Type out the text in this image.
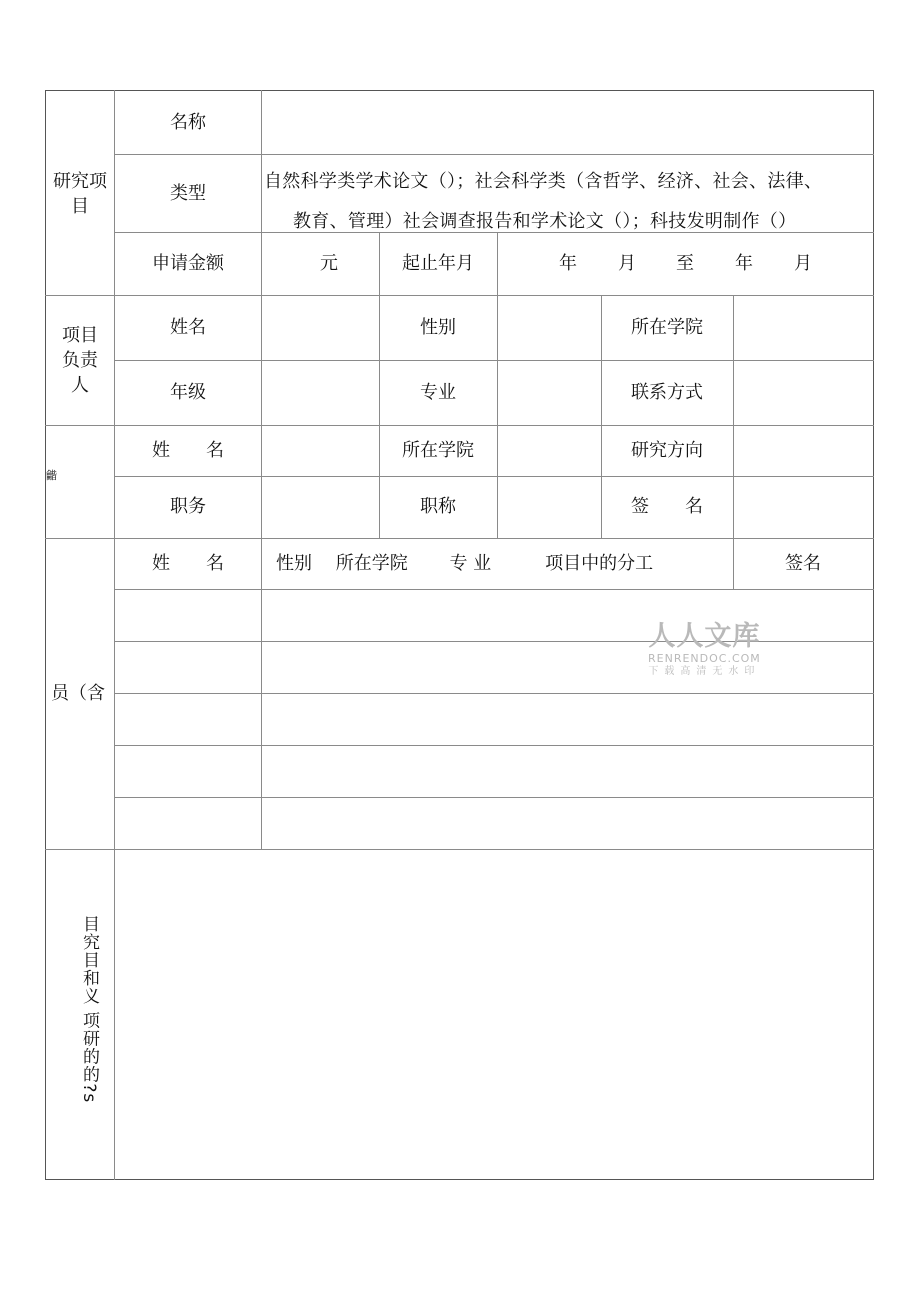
研究项目
名称
类型
自然科学类学术论文（）；社会科学类（含哲学、经济、社会、法律、
教育、管理）社会调查报告和学术论文（）；科技发明制作（）
申请金额	元	起止年月	年 月 至 年 月
项目负责人
姓名	性别	所在学院
年级	专业	联系方式
龤
姓　　名	所在学院	研究方向
职务	职称	签　　名
员（含
姓　　名	性别　 所在学院　　 专 业　　　项目中的分工	签名
目究目和义 项研的的?s
人人文库
RENRENDOC.COM
下载高清无水印
